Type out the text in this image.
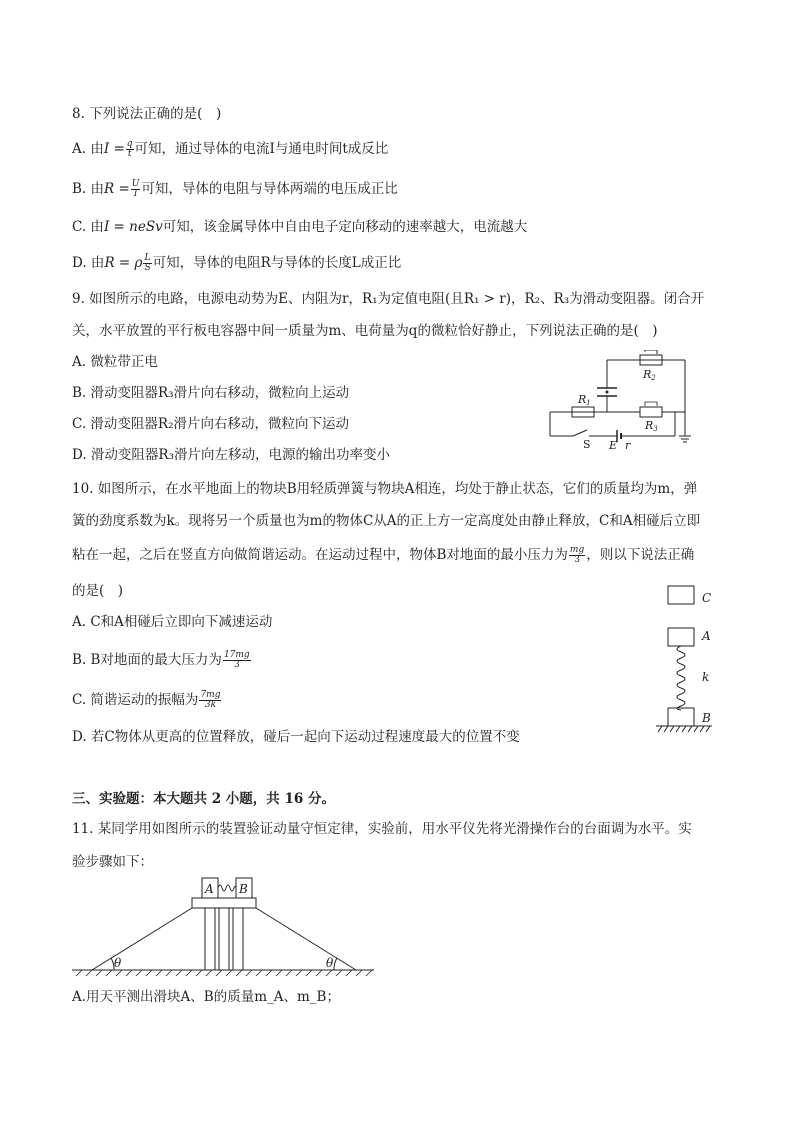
8. 下列说法正确的是(　)
A. 由$I = \frac{q}{t}$ 可知，通过导体的电流I与通电时间t成反比
B. 由$R = \frac{U}{I}$ 可知，导体的电阻与导体两端的电压成正比
C. 由I = neSv可知，该金属导体中自由电子定向移动的速率越大，电流越大
D. 由R = ρ $\frac{L}{S}$ 可知，导体的电阻R与导体的长度L成正比
9. 如图所示的电路，电源电动势为E、内阻为r，R₁为定值电阻(且R₁ > r)，R₂、R₃为滑动变阻器。闭合开
关，水平放置的平行板电容器中间一质量为m、电荷量为q的微粒恰好静止，下列说法正确的是(　)
A. 微粒带正电
B. 滑动变阻器R₃滑片向右移动，微粒向上运动
C. 滑动变阻器R₂滑片向右移动，微粒向下运动
D. 滑动变阻器R₃滑片向左移动，电源的输出功率变小
R1
R2
R3
S E r
10. 如图所示，在水平地面上的物块B用轻质弹簧与物块A相连，均处于静止状态，它们的质量均为m，弹
簧的劲度系数为k。现将另一个质量也为m的物体C从A的正上方一定高度处由静止释放，C和A相碰后立即
粘在一起，之后在竖直方向做简谐运动。在运动过程中，物体B对地面的最小压力为 $\frac{mg}{3}$ ，则以下说法正确
的是(　)
A. C和A相碰后立即向下减速运动
B. B对地面的最大压力为 $\frac{17mg}{3}$
C. 简谐运动的振幅为 $\frac{7mg}{3k}$
D. 若C物体从更高的位置释放，碰后一起向下运动过程速度最大的位置不变
C
A
k
B
三、实验题：本大题共 2 小题，共 16 分。
11. 某同学用如图所示的装置验证动量守恒定律，实验前，用水平仪先将光滑操作台的台面调为水平。实
验步骤如下：
A B
θ	θ
A.用天平测出滑块A、B的质量m_A、m_B；
